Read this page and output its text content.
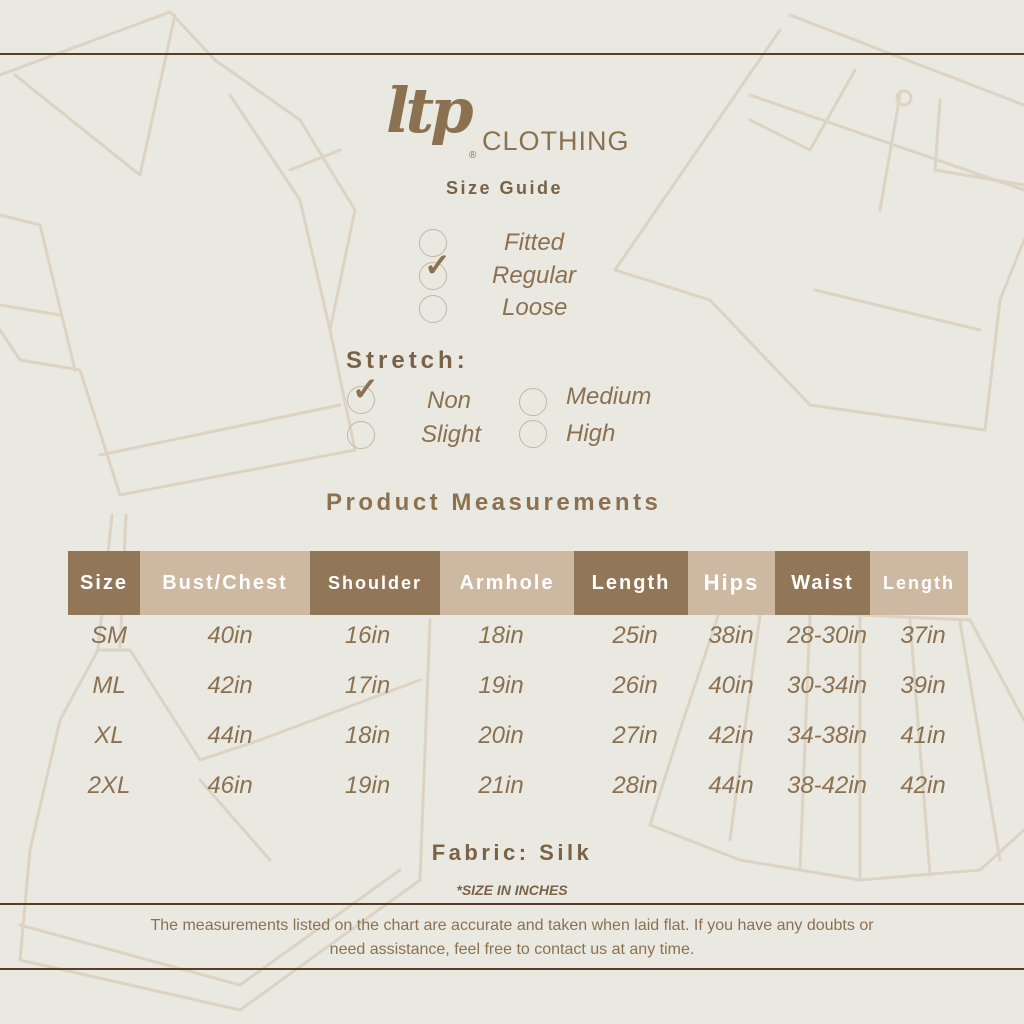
ltp
® CLOTHING
Size Guide
Fitted
✓ Regular
Loose
Stretch:
✓ Non
Slight
Medium
High
Product Measurements
Size	Bust/Chest	Shoulder	Armhole	Length	Hips	Waist	Length
SM	40in	16in	18in	25in	38in	28-30in	37in
ML	42in	17in	19in	26in	40in	30-34in	39in
XL	44in	18in	20in	27in	42in	34-38in	41in
2XL	46in	19in	21in	28in	44in	38-42in	42in
Fabric: Silk
*SIZE IN INCHES
The measurements listed on the chart are accurate and taken when laid flat. If you have any doubts or need assistance, feel free to contact us at any time.
